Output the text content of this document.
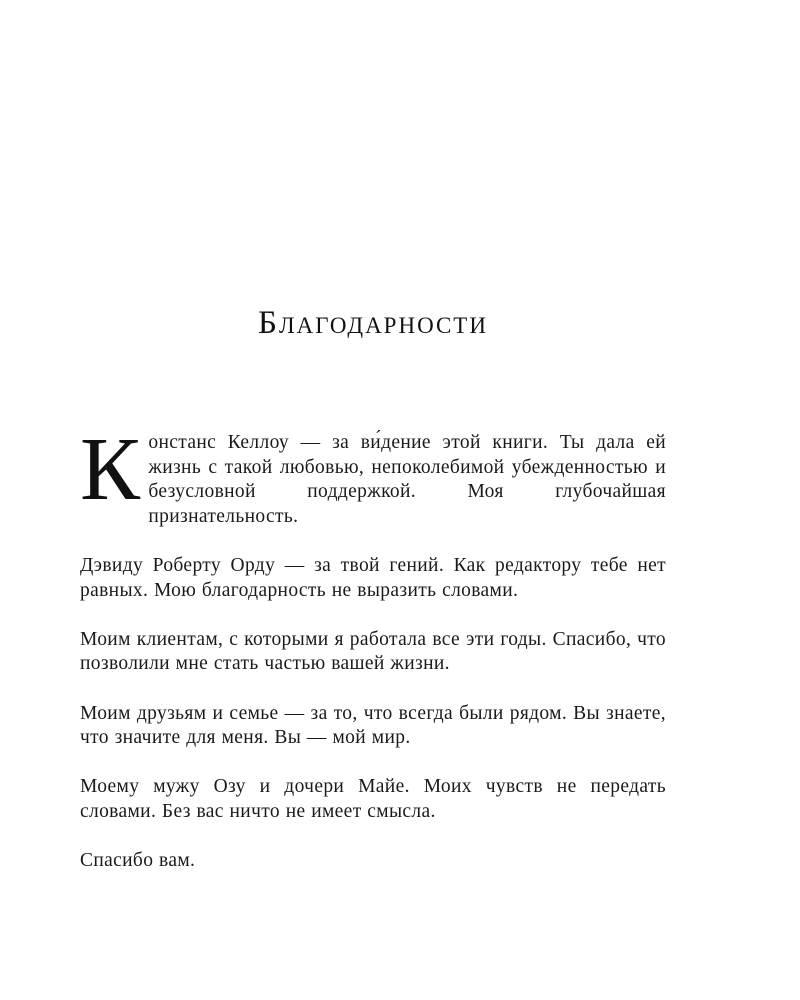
Благодарности

Констанс Келлоу — за ви́дение этой книги. Ты дала ей жизнь с такой любовью, непоколебимой убежденностью и безусловной поддержкой. Моя глубочайшая признательность.

Дэвиду Роберту Орду — за твой гений. Как редактору тебе нет равных. Мою благодарность не выразить словами.

Моим клиентам, с которыми я работала все эти годы. Спасибо, что позволили мне стать частью вашей жизни.

Моим друзьям и семье — за то, что всегда были рядом. Вы знаете, что значите для меня. Вы — мой мир.

Моему мужу Озу и дочери Майе. Моих чувств не передать словами. Без вас ничто не имеет смысла.

Спасибо вам.
